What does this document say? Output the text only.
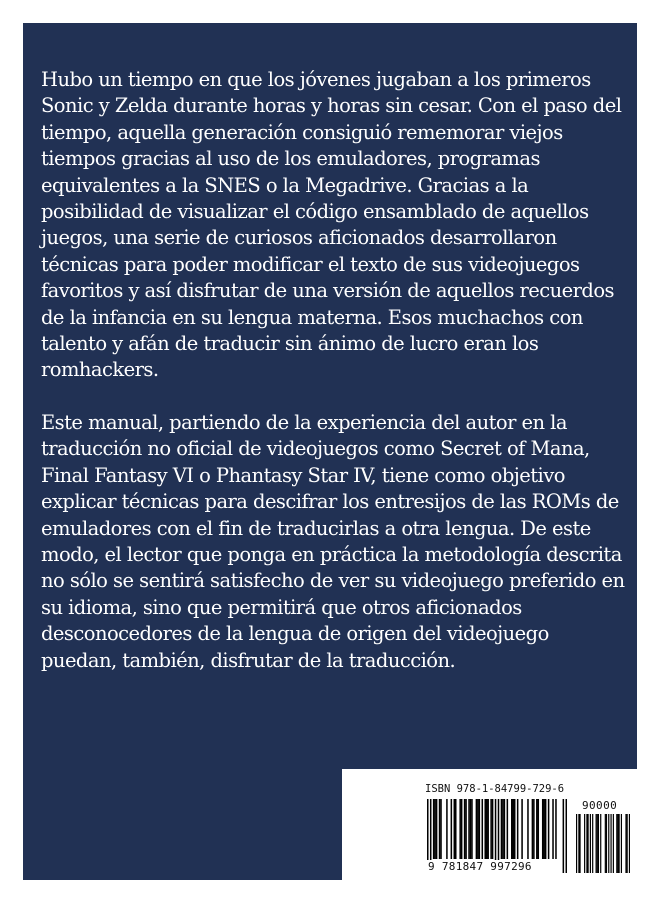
Hubo un tiempo en que los jóvenes jugaban a los primeros Sonic y Zelda durante horas y horas sin cesar. Con el paso del tiempo, aquella generación consiguió rememorar viejos tiempos gracias al uso de los emuladores, programas equivalentes a la SNES o la Megadrive. Gracias a la posibilidad de visualizar el código ensamblado de aquellos juegos, una serie de curiosos aficionados desarrollaron técnicas para poder modificar el texto de sus videojuegos favoritos y así disfrutar de una versión de aquellos recuerdos de la infancia en su lengua materna. Esos muchachos con talento y afán de traducir sin ánimo de lucro eran los romhackers.

Este manual, partiendo de la experiencia del autor en la traducción no oficial de videojuegos como Secret of Mana, Final Fantasy VI o Phantasy Star IV, tiene como objetivo explicar técnicas para descifrar los entresijos de las ROMs de emuladores con el fin de traducirlas a otra lengua. De este modo, el lector que ponga en práctica la metodología descrita no sólo se sentirá satisfecho de ver su videojuego preferido en su idioma, sino que permitirá que otros aficionados desconocedores de la lengua de origen del videojuego puedan, también, disfrutar de la traducción.

ISBN 978-1-84799-729-6
90000
9 781847 997296
